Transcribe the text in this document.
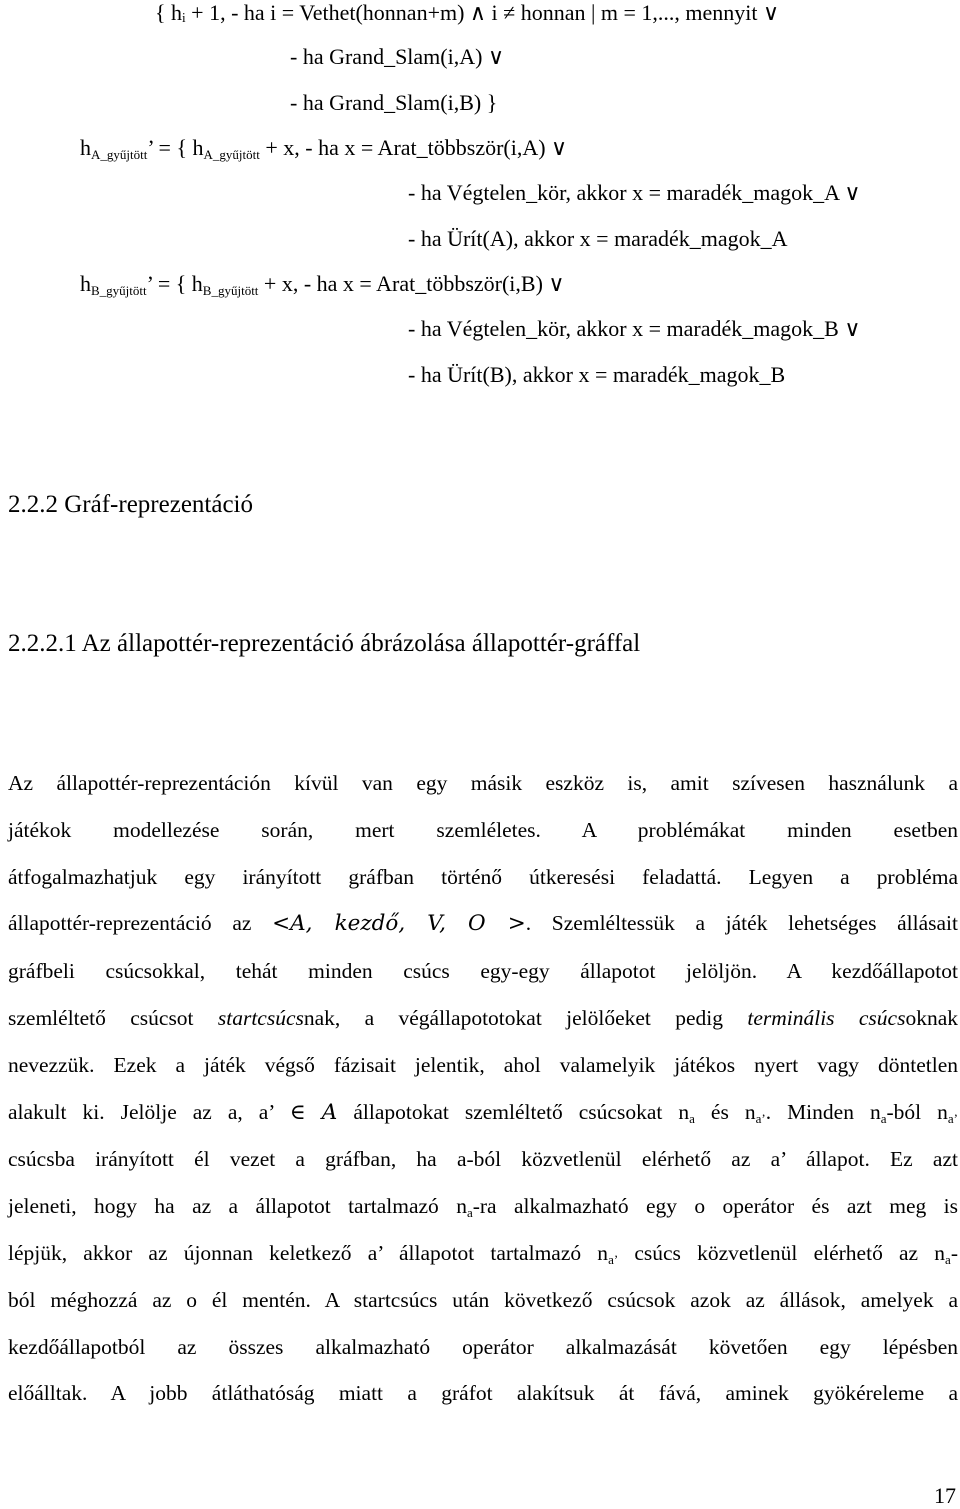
{ hᵢ + 1, - ha i = Vethet(honnan+m) ∧ i ≠ honnan | m = 1,..., mennyit ∨
- ha Grand_Slam(i,A) ∨
- ha Grand_Slam(i,B) }
$h_{A\_gyűjtött}$’ = { $h_{A\_gyűjtött} + x$, - ha x = Arat_többször(i,A) ∨
- ha Végtelen_kör, akkor x = maradék_magok_A ∨
- ha Ürít(A), akkor x = maradék_magok_A
$h_{B\_gyűjtött}$’ = { $h_{B\_gyűjtött} + x$, - ha x = Arat_többször(i,B) ∨
- ha Végtelen_kör, akkor x = maradék_magok_B ∨
- ha Ürít(B), akkor x = maradék_magok_B
2.2.2 Gráf-reprezentáció
2.2.2.1 Az állapottér-reprezentáció ábrázolása állapottér-gráffal
Az állapottér-reprezentáción kívül van egy másik eszköz is, amit szívesen használunk a
játékok modellezése során, mert szemléletes. A problémákat minden esetben
átfogalmazhatjuk egy irányított gráfban történő útkeresési feladattá. Legyen a probléma
állapottér-reprezentáció az <A, kezdő, V, O >. Szemléltessük a játék lehetséges állásait
gráfbeli csúcsokkal, tehát minden csúcs egy-egy állapotot jelöljön. A kezdőállapotot
szemléltető csúcsot startcsúcsnak, a végállapototokat jelölőeket pedig terminális csúcsoknak
nevezzük. Ezek a játék végső fázisait jelentik, ahol valamelyik játékos nyert vagy döntetlen
alakult ki. Jelölje az a, a’ ∈ A állapotokat szemléltető csúcsokat $n_a$ és $n_{a’}$. Minden $n_a$-ból $n_{a’}$
csúcsba irányított él vezet a gráfban, ha a-ból közvetlenül elérhető az a’ állapot. Ez azt
jeleneti, hogy ha az a állapotot tartalmazó $n_a-ra$ alkalmazható egy o operátor és azt meg is
lépjük, akkor az újonnan keletkező a’ állapotot tartalmazó $n_{a’}$ csúcs közvetlenül elérhető az $n_a-$
ból méghozzá az o él mentén. A startcsúcs után következő csúcsok azok az állások, amelyek a
kezdőállapotból az összes alkalmazható operátor alkalmazását követően egy lépésben
előálltak. A jobb átláthatóság miatt a gráfot alakítsuk át fává, aminek gyökéreleme a
17
